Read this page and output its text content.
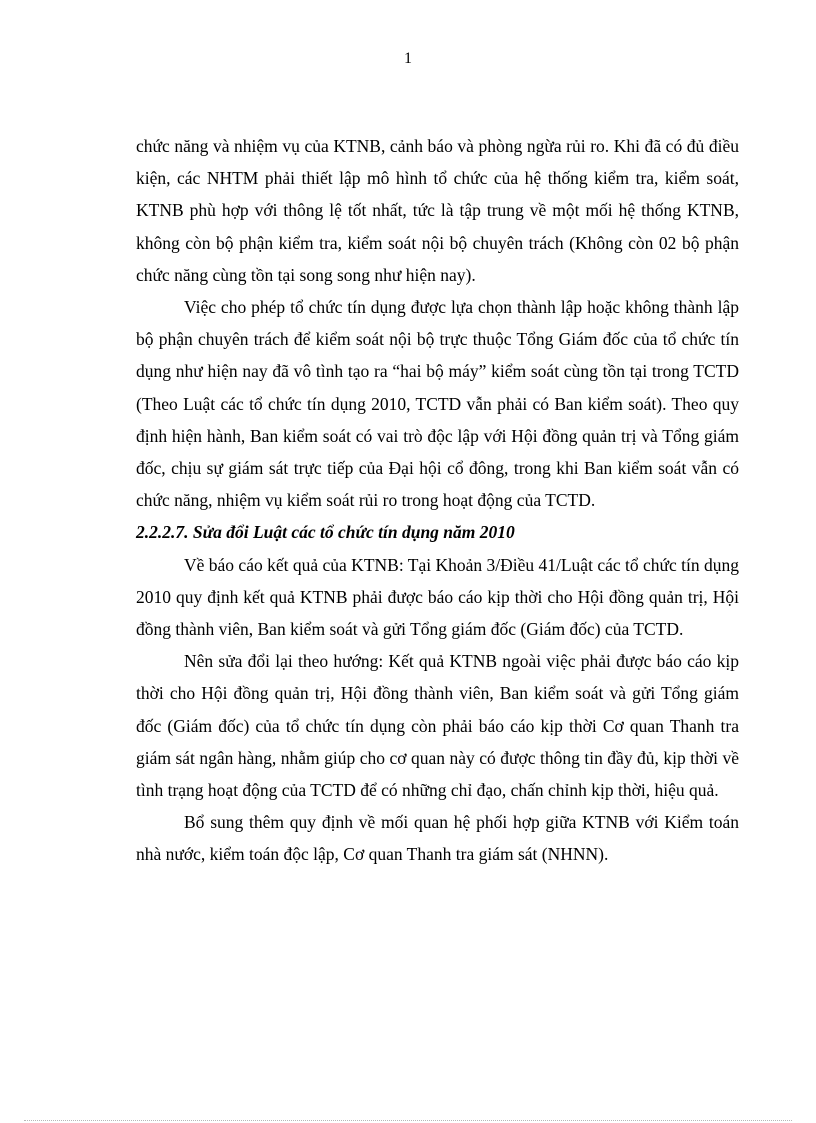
1

chức năng và nhiệm vụ của KTNB, cảnh báo và phòng ngừa rủi ro. Khi đã có đủ điều kiện, các NHTM phải thiết lập mô hình tổ chức của hệ thống kiểm tra, kiểm soát, KTNB phù hợp với thông lệ tốt nhất, tức là tập trung về một mối hệ thống KTNB, không còn bộ phận kiểm tra, kiểm soát nội bộ chuyên trách (Không còn 02 bộ phận chức năng cùng tồn tại song song như hiện nay).

Việc cho phép tổ chức tín dụng được lựa chọn thành lập hoặc không thành lập bộ phận chuyên trách để kiểm soát nội bộ trực thuộc Tổng Giám đốc của tổ chức tín dụng như hiện nay đã vô tình tạo ra “hai bộ máy” kiểm soát cùng tồn tại trong TCTD (Theo Luật các tổ chức tín dụng 2010, TCTD vẫn phải có Ban kiểm soát). Theo quy định hiện hành, Ban kiểm soát có vai trò độc lập với Hội đồng quản trị và Tổng giám đốc, chịu sự giám sát trực tiếp của Đại hội cổ đông, trong khi Ban kiểm soát vẫn có chức năng, nhiệm vụ kiểm soát rủi ro trong hoạt động của TCTD.

2.2.2.7. Sửa đổi Luật các tổ chức tín dụng năm 2010

Về báo cáo kết quả của KTNB: Tại Khoản 3/Điều 41/Luật các tổ chức tín dụng 2010 quy định kết quả KTNB phải được báo cáo kịp thời cho Hội đồng quản trị, Hội đồng thành viên, Ban kiểm soát và gửi Tổng giám đốc (Giám đốc) của TCTD.

Nên sửa đổi lại theo hướng: Kết quả KTNB ngoài việc phải được báo cáo kịp thời cho Hội đồng quản trị, Hội đồng thành viên, Ban kiểm soát và gửi Tổng giám đốc (Giám đốc) của tổ chức tín dụng còn phải báo cáo kịp thời Cơ quan Thanh tra giám sát ngân hàng, nhằm giúp cho cơ quan này có được thông tin đầy đủ, kịp thời về tình trạng hoạt động của TCTD để có những chỉ đạo, chấn chỉnh kịp thời, hiệu quả.

Bổ sung thêm quy định về mối quan hệ phối hợp giữa KTNB với Kiểm toán nhà nước, kiểm toán độc lập, Cơ quan Thanh tra giám sát (NHNN).
